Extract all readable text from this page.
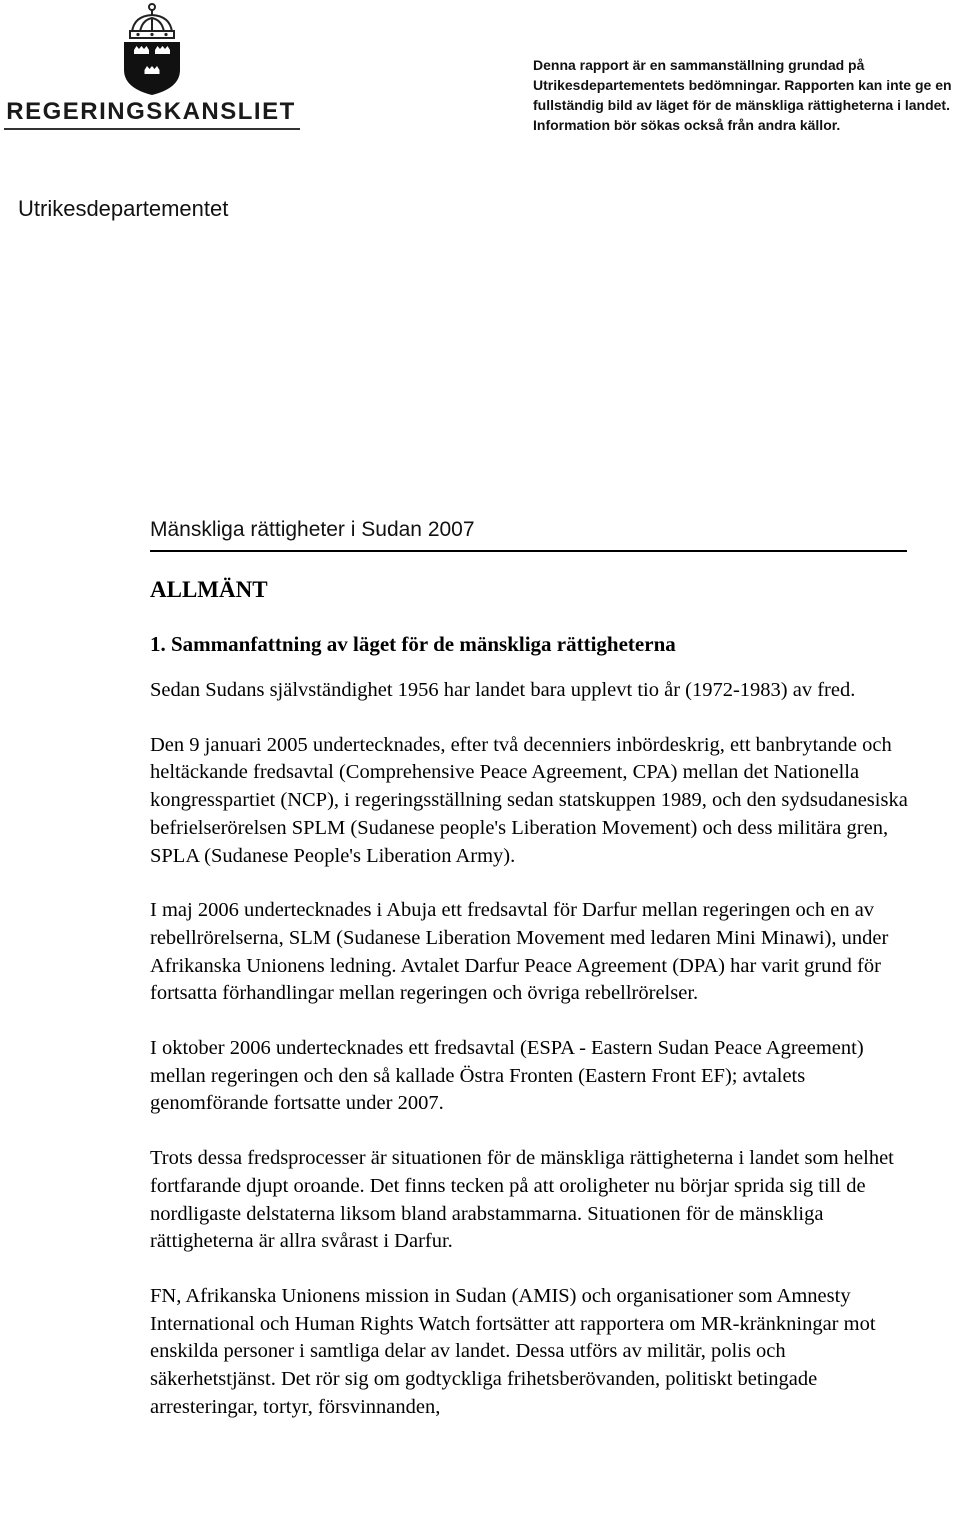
REGERINGSKANSLIET
Denna rapport är en sammanställning grundad på Utrikesdepartementets bedömningar. Rapporten kan inte ge en fullständig bild av läget för de mänskliga rättigheterna i landet. Information bör sökas också från andra källor.
Utrikesdepartementet
Mänskliga rättigheter i Sudan 2007
ALLMÄNT
1. Sammanfattning av läget för de mänskliga rättigheterna

Sedan Sudans självständighet 1956 har landet bara upplevt tio år (1972-1983) av fred.

Den 9 januari 2005 undertecknades, efter två decenniers inbördeskrig, ett banbrytande och heltäckande fredsavtal (Comprehensive Peace Agreement, CPA) mellan det Nationella kongresspartiet (NCP), i regeringsställning sedan statskuppen 1989, och den sydsudanesiska befrielserörelsen SPLM (Sudanese people's Liberation Movement) och dess militära gren, SPLA (Sudanese People's Liberation Army).

I maj 2006 undertecknades i Abuja ett fredsavtal för Darfur mellan regeringen och en av rebellrörelserna, SLM (Sudanese Liberation Movement med ledaren Mini Minawi), under Afrikanska Unionens ledning. Avtalet Darfur Peace Agreement (DPA) har varit grund för fortsatta förhandlingar mellan regeringen och övriga rebellrörelser.

I oktober 2006 undertecknades ett fredsavtal (ESPA - Eastern Sudan Peace Agreement) mellan regeringen och den så kallade Östra Fronten (Eastern Front EF); avtalets genomförande fortsatte under 2007.

Trots dessa fredsprocesser är situationen för de mänskliga rättigheterna i landet som helhet fortfarande djupt oroande. Det finns tecken på att oroligheter nu börjar sprida sig till de nordligaste delstaterna liksom bland arabstammarna. Situationen för de mänskliga rättigheterna är allra svårast i Darfur.

FN, Afrikanska Unionens mission in Sudan (AMIS) och organisationer som Amnesty International och Human Rights Watch fortsätter att rapportera om MR-kränkningar mot enskilda personer i samtliga delar av landet. Dessa utförs av militär, polis och säkerhetstjänst. Det rör sig om godtyckliga frihetsberövanden, politiskt betingade arresteringar, tortyr, försvinnanden,
